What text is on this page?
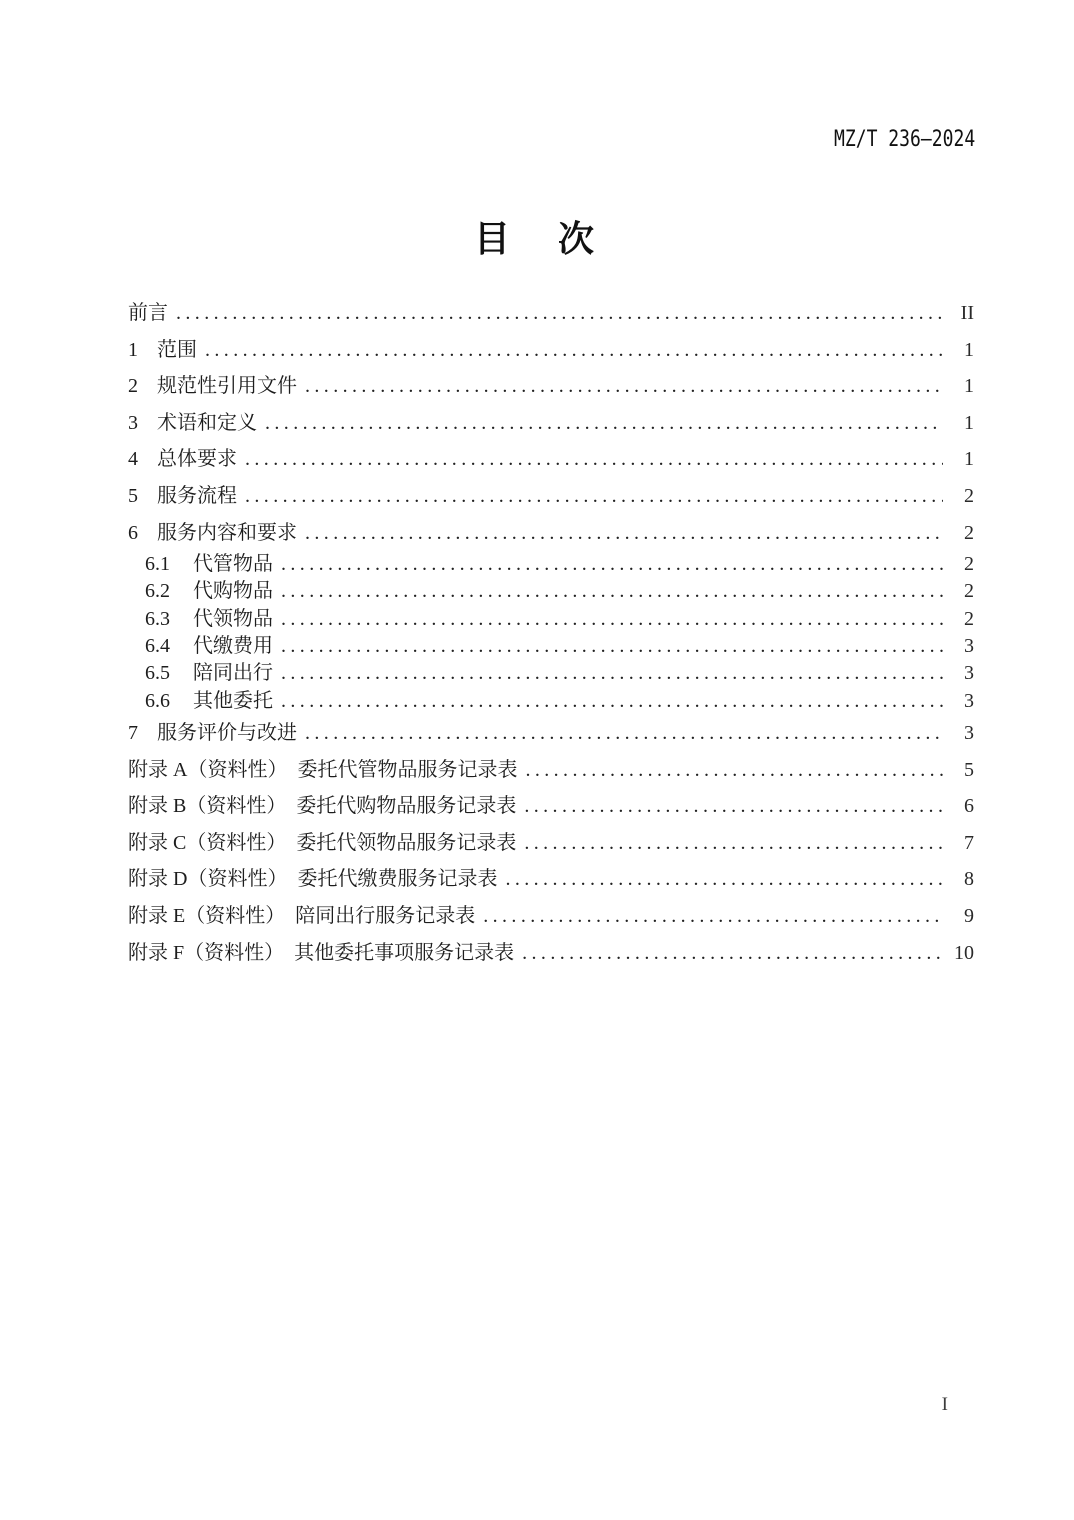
MZ/T 236—2024
目　次
前言 .....	II
1 范围 .....	1
2 规范性引用文件 .....	1
3 术语和定义 .....	1
4 总体要求 .....	1
5 服务流程 .....	2
6 服务内容和要求 .....	2
6.1	代管物品 .....	2
6.2	代购物品 .....	2
6.3	代领物品 .....	2
6.4	代缴费用 .....	3
6.5	陪同出行 .....	3
6.6	其他委托 .....	3
7 服务评价与改进 .....	3
附录 A（资料性） 委托代管物品服务记录表 .....	5
附录 B（资料性） 委托代购物品服务记录表 .....	6
附录 C（资料性） 委托代领物品服务记录表 .....	7
附录 D（资料性） 委托代缴费服务记录表 .....	8
附录 E（资料性） 陪同出行服务记录表 .....	9
附录 F（资料性） 其他委托事项服务记录表 .....	10
I
